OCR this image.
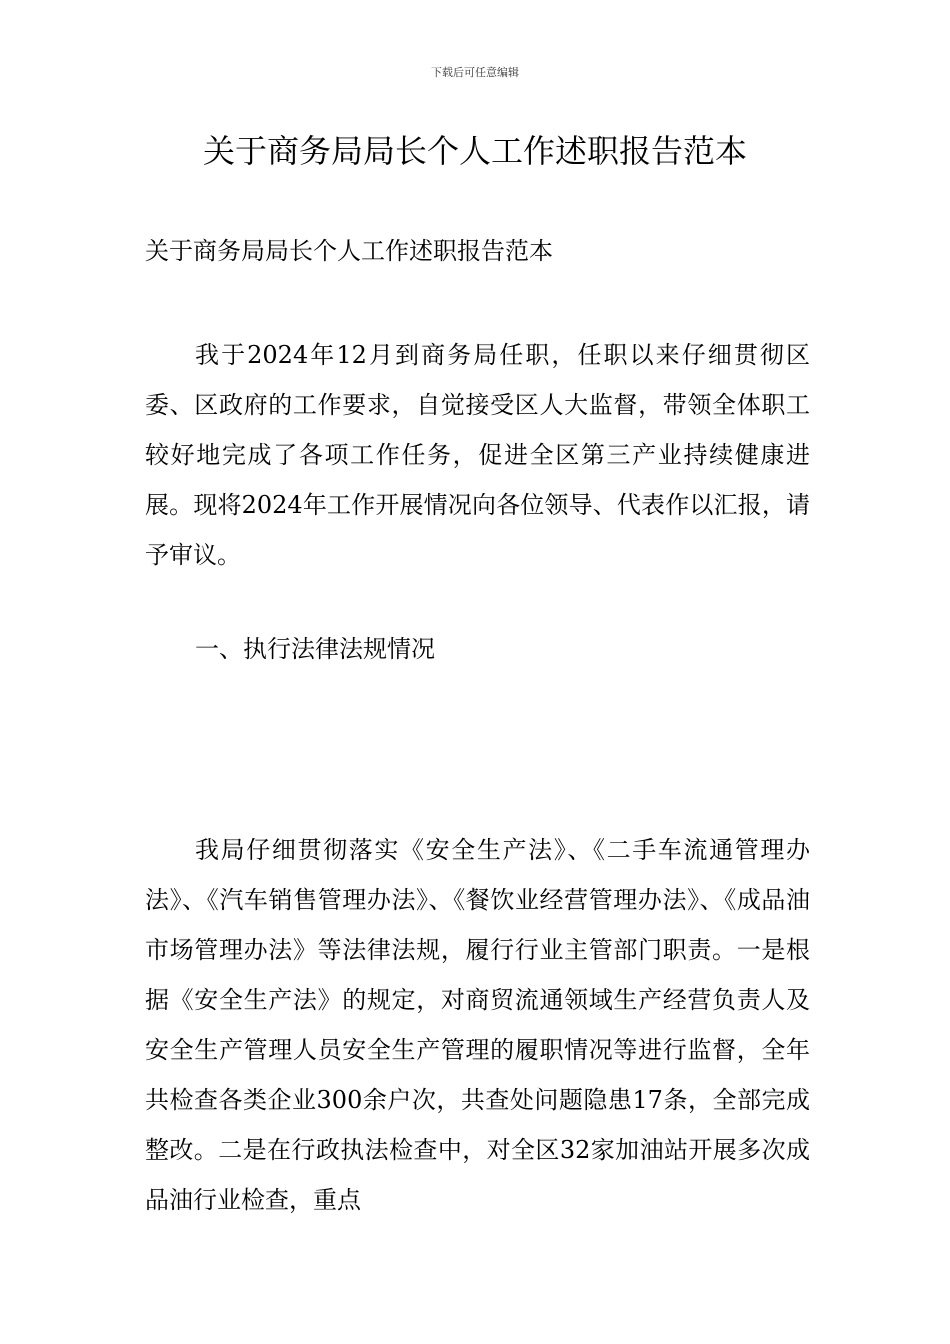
下载后可任意编辑
关于商务局局长个人工作述职报告范本

关于商务局局长个人工作述职报告范本

我于2024年12月到商务局任职，任职以来仔细贯彻区委、区政府的工作要求，自觉接受区人大监督，带领全体职工较好地完成了各项工作任务，促进全区第三产业持续健康进展。现将2024年工作开展情况向各位领导、代表作以汇报，请予审议。

一、执行法律法规情况

我局仔细贯彻落实《安全生产法》、《二手车流通管理办法》、《汽车销售管理办法》、《餐饮业经营管理办法》、《成品油市场管理办法》等法律法规，履行行业主管部门职责。一是根据《安全生产法》的规定，对商贸流通领域生产经营负责人及安全生产管理人员安全生产管理的履职情况等进行监督，全年共检查各类企业300余户次，共查处问题隐患17条，全部完成整改。二是在行政执法检查中，对全区32家加油站开展多次成品油行业检查，重点
